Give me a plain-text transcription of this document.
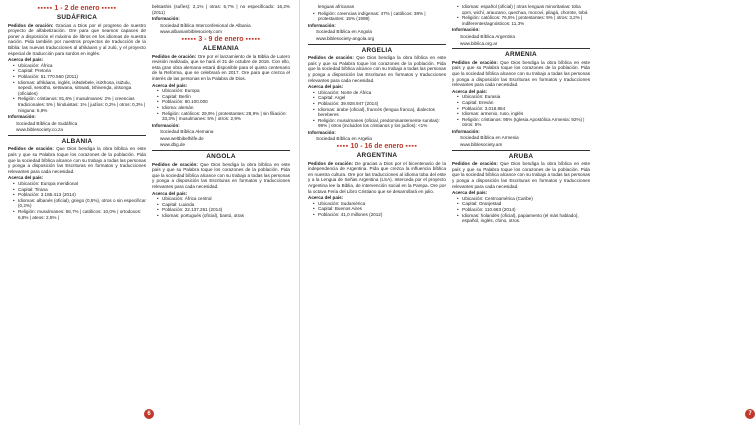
▪▪▪▪▪ 1 - 2 de enero ▪▪▪▪▪
SUDÁFRICA

Pedidos de oración: Gracias a Dios por el progreso de nuestro proyecto de alfabetización. Ore para que seamos capaces de poner a disposición el máximo de libros en los idiomas de nuestra nación. Pida también por nuestros proyectos de traducción de la Biblia: las nuevas traducciones al afrikáans y al zulú, y el proyecto especial de traducción para sordos en inglés.

Acerca del país:
• Ubicación: África
• Capital: Pretoria
• Población: 51.770.560 (2011)
• Idiomas: afrikáans, inglés, isiNdebele, isiXhosa, isiZulu, sepedi, sesotho, setswana, siSwati, tshivenḓa, xitsonga (oficiales)
• Religión: cristianos: 81,6% | musulmanes: 2% | creencias tradicionales: 5% | hinduistas: 1% | judíos: 0,2% | otros: 0,3% | ninguna: 5,9%
Información:
Sociedad Bíblica de Sudáfrica
www.biblesociety.co.za
ALBANIA

Pedidos de oración: Que Dios bendiga la obra bíblica en este país y que su Palabra toque los corazones de la población. Pida que la sociedad bíblica alcance con su trabajo a todas las personas y ponga a disposición las Escrituras en formatos y traducciones relevantes para cada necesidad.

Acerca del país:
• Ubicación: Europa meridional
• Capital: Tirana
• Población: 3.185.413 (2014)
• Idiomas: albanés (oficial), griego (0,5%), otros o sin especificar (0,2%)
• Religión: musulmanes: 56,7% | católicos: 10,0% | ortodoxos: 6,8% | ateos: 2,5% |

bektashis (sufíes): 2,1% | otras: 5,7% | no especificado: 16,2% (2011)

Información:
Sociedad Bíblica Interconfesional de Albania
www.albanianbiblesociety.com
▪▪▪▪▪ 3 - 9 de enero ▪▪▪▪▪
ALEMANIA

Pedidos de oración: Ore por el lanzamiento de la Biblia de Lutero revisión realizada, que se hará el 31 de octubre de 2016. Con ello, esta gran obra alemana estará disponible para el quinto centenario de la Reforma, que se celebrará en 2017. Ore para que crezca el interés de las personas en la Palabra de Dios.

Acerca del país:
• Ubicación: Europa
• Capital: Berlín
• Población: 80.100.000
• Idioma: alemán
• Religión: católicos: 29,9% | protestantes: 28,9% | sin filiación: 33,3% | musulmanes: 5% | otros: 2,9%
Información:
Sociedad Bíblica Alemana
www.weltbibelhilfe.de
www.dbg.de
ANGOLA

Pedidos de oración: Que Dios bendiga la obra bíblica en este país y que su Palabra toque los corazones de la población. Pida que la sociedad bíblica alcance con su trabajo a todas las personas y ponga a disposición las Escrituras en formatos y traducciones relevantes para cada necesidad.

Acerca del país:
• Ubicación: África central
• Capital: Luanda
• Población: 22.137.261 (2014)
• Idiomas: portugués (oficial), bantú, otras
6

lenguas africanas

• Religión: creencias indígenas: 47% | católicos: 38% | protestantes: 15% (1998)
Información:
Sociedad Bíblica en Angola
www.biblesociety-angola.org
ARGELIA

Pedidos de oración: Que Dios bendiga la obra bíblica en este país y que su Palabra toque los corazones de la población. Pida que la sociedad bíblica alcance con su trabajo a todas las personas y ponga a disposición las Escrituras en formatos y traducciones relevantes para cada necesidad.

Acerca del país:
• Ubicación: Norte de África
• Capital: Argel
• Población: 39.928.947 (2014)
• Idiomas: árabe (oficial), francés (lengua franca), dialectos bereberes
• Religión: musulmanes (oficial, predominantemente sunitas): 99% | otros (incluidos los cristianos y los judíos): <1%
Información:
Sociedad Bíblica en Argelia
▪▪▪▪ 10 - 16 de enero ▪▪▪▪
ARGENTINA

Pedidos de oración: De gracias a Dios por el bicentenario de la independencia de Argentina. Pida que crezca la influencia bíblica en nuestra cultura. Ore por las traducciones al idioma toba del este y a la Lengua de Señas Argentina (LSA). Interceda por el proyecto Argentina lee la Biblia, de intervención social en la Pampa. Ore por la octava Feria del Libro Cristiano que se desarrollará en julio.

Acerca del país:
• Ubicación: Sudamérica
• Capital: Buenos Aires
• Población: 41,0 millones (2012)
• Idiomas: español (oficial) | otras lenguas minoritarias: toba qom, wichí, araucano, quechua, mocoví, pilagá, chorote, tobá
• Religión: católicos: 76,5% | protestantes: 9% | otros: 3,2% | indiferentes/agnósticos: 11,3%
Información:
Sociedad Bíblica Argentina
www.biblica.org.ar
ARMENIA

Pedidos de oración: Que Dios bendiga la obra bíblica en este país y que su Palabra toque los corazones de la población. Pida que la sociedad bíblica alcance con su trabajo a todas las personas y ponga a disposición las Escrituras en formatos y traducciones relevantes para cada necesidad.

Acerca del país:
• Ubicación: Eurasia
• Capital: Ereván
• Población: 3.018.854
• Idiomas: armenio, ruso, inglés
• Religión: cristianos: 95% (Iglesia Apostólica Armenia: 92%) | otros: 5%
Información:
Sociedad Bíblica en Armenia
www.biblesociety.am
ARUBA

Pedidos de oración: Que Dios bendiga la obra bíblica en este país y que su Palabra toque los corazones de la población. Pida que la sociedad bíblica alcance con su trabajo a todas las personas y ponga a disposición las Escrituras en formatos y traducciones relevantes para cada necesidad.

Acerca del país:
• Ubicación: Centroamérica (Caribe)
• Capital: Oranjestad
• Población: 110.663 (2014)
• Idiomas: holandés (oficial), papiamento (el más hablado), español, inglés, chino, otros.
7
